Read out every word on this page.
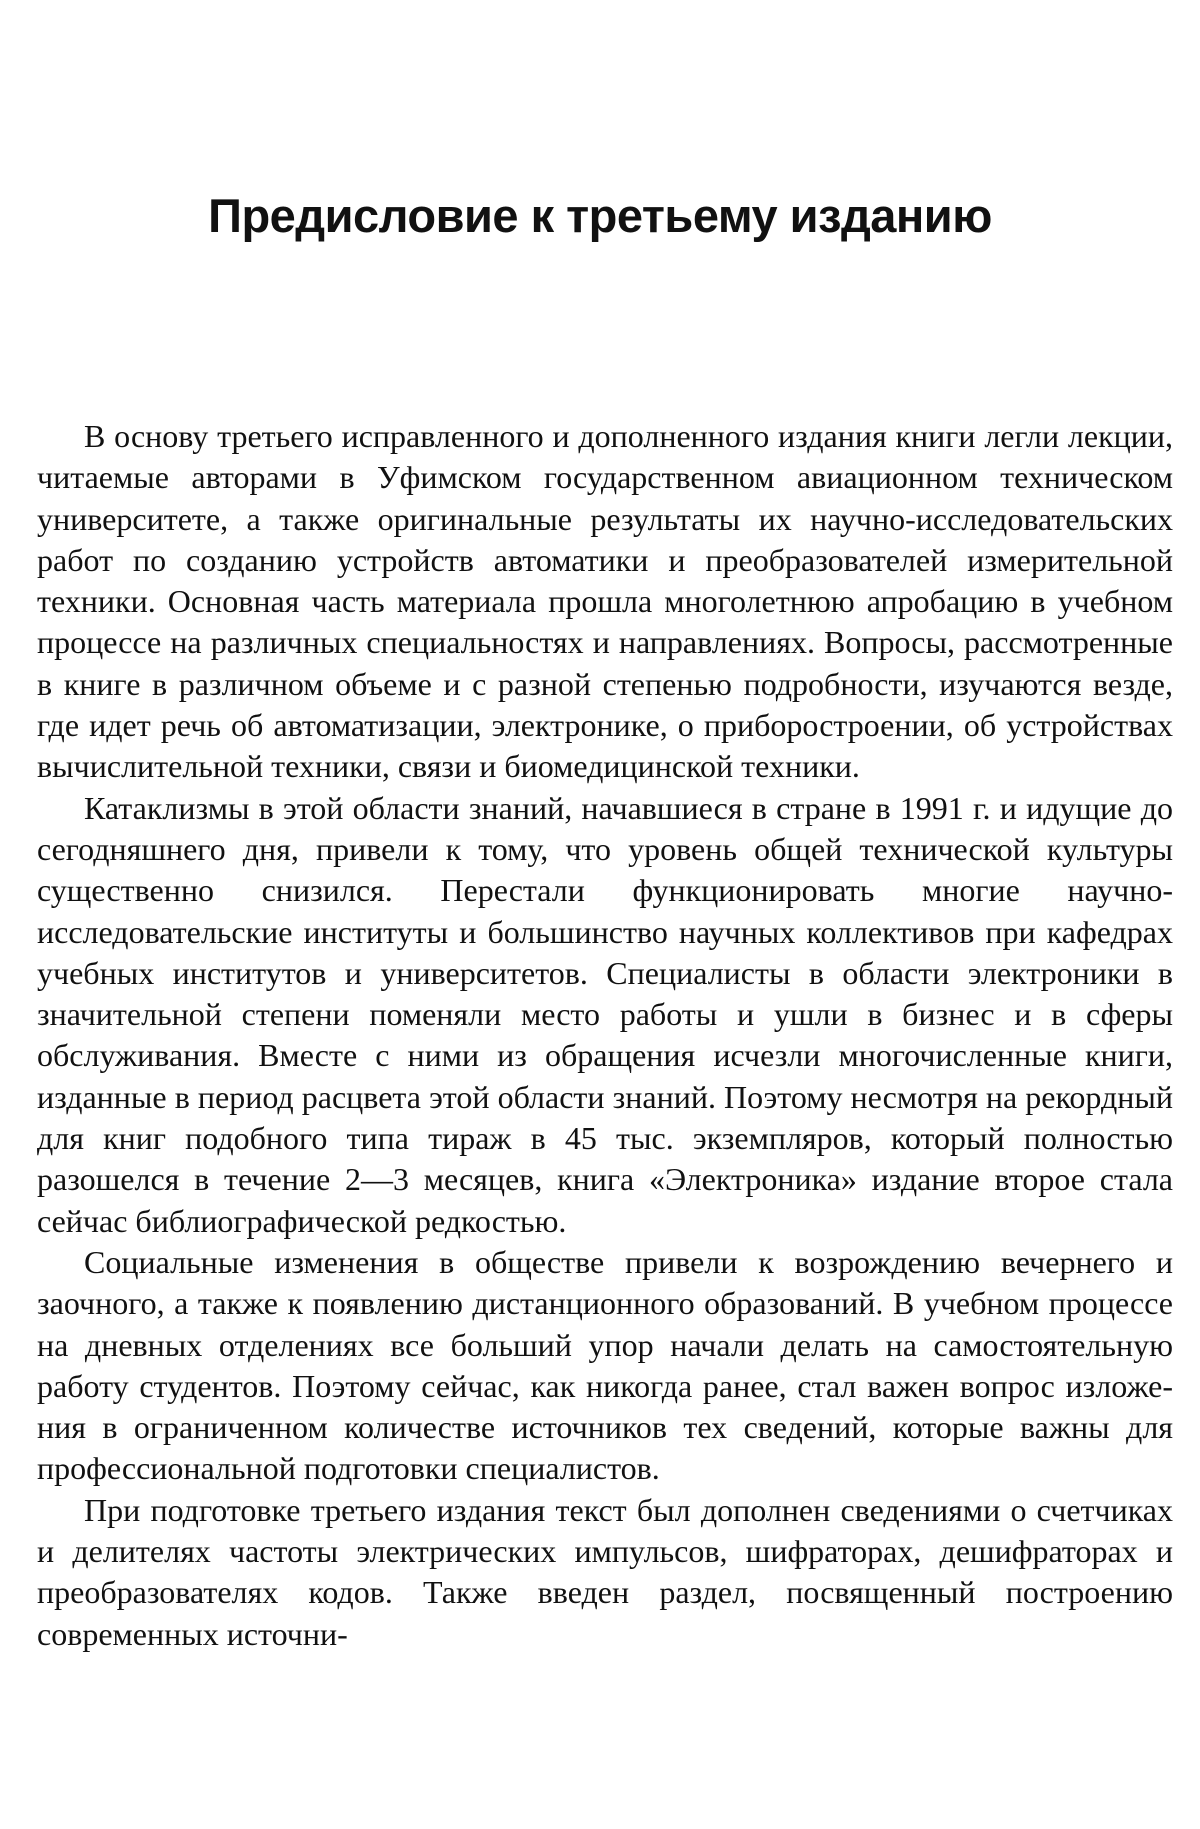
Предисловие к третьему изданию

В основу третьего исправленного и дополненного издания книги легли лекции, читаемые авторами в Уфимском государственном авиационном техническом университете, а также оригинальные результаты их научно-исследовательских работ по созданию устройств автоматики и преобразователей измерительной техники. Основная часть материала прошла многолетнюю апробацию в учебном процессе на различных специальностях и направлениях. Вопросы, рассмотренные в книге в различном объеме и с разной степенью подробности, изучаются везде, где идет речь об автоматизации, электронике, о приборостроении, об устройствах вычислительной техники, связи и биомедицинской техники.

Катаклизмы в этой области знаний, начавшиеся в стране в 1991 г. и идущие до сегодняшнего дня, привели к тому, что уровень общей технической культуры существенно снизился. Перестали функционировать многие научно-исследовательские институты и большинство научных коллективов при кафедрах учебных институтов и университетов. Специалисты в области электроники в значительной степени поменяли место работы и ушли в бизнес и в сферы обслуживания. Вместе с ними из обращения исчезли многочисленные книги, изданные в период расцвета этой области знаний. Поэтому несмотря на рекордный для книг подобного типа тираж в 45 тыс. экземпляров, который полностью разошелся в течение 2—3 месяцев, книга «Электроника» издание второе стала сейчас библиографической редкостью.

Социальные изменения в обществе привели к возрождению вечернего и заочного, а также к появлению дистанционного образований. В учебном процессе на дневных отделениях все больший упор начали делать на самостоятельную работу студентов. Поэтому сейчас, как никогда ранее, стал важен вопрос изложения в ограниченном количестве источников тех сведений, которые важны для профессиональной подготовки специалистов.

При подготовке третьего издания текст был дополнен сведениями о счетчиках и делителях частоты электрических импульсов, шифраторах, дешифраторах и преобразователях кодов. Также введен раздел, посвященный построению современных источни-
